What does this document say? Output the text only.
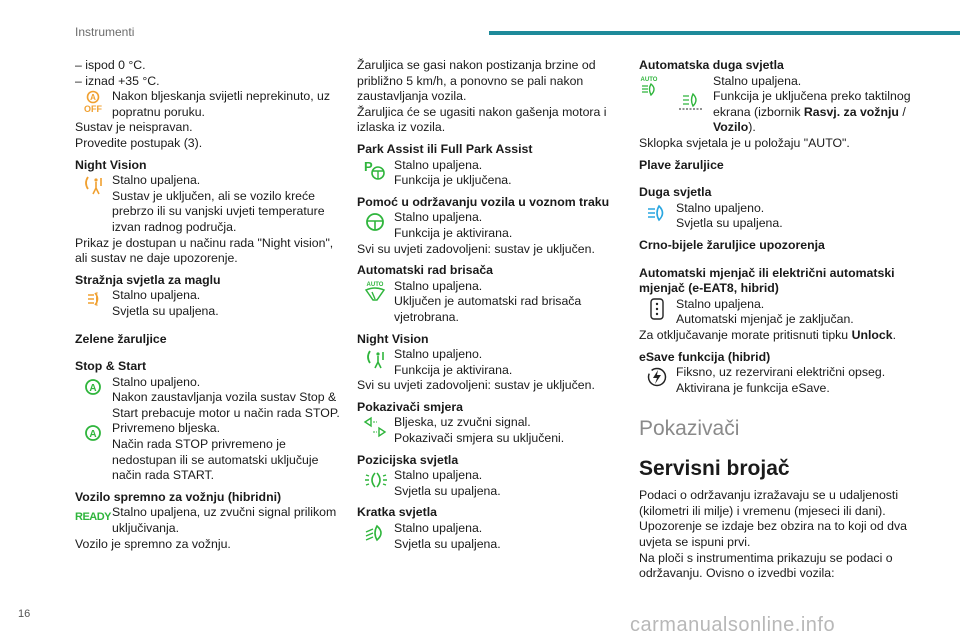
Instrumenti

– ispod 0 °C.

– iznad +35 °C.

A
OFF
Nakon bljeskanja svijetli neprekinuto, uz popratnu poruku.

Sustav je neispravan.

Provedite postupak (3).

Night Vision

Stalno upaljena.
Sustav je uključen, ali se vozilo kreće prebrzo ili su vanjski uvjeti temperature izvan radnog područja.

Prikaz je dostupan u načinu rada "Night vision", ali sustav ne daje upozorenje.

Stražnja svjetla za maglu

Stalno upaljena.
Svjetla su upaljena.

Zelene žaruljice

Stop & Start

A Stalno upaljeno.
Nakon zaustavljanja vozila sustav Stop & Start prebacuje motor u način rada STOP.
A Privremeno bljeska.
Način rada STOP privremeno je nedostupan ili se automatski uključuje način rada START.

Vozilo spremno za vožnju (hibridni)

READY Stalno upaljena, uz zvučni signal prilikom uključivanja.

Vozilo je spremno za vožnju.

Žaruljica se gasi nakon postizanja brzine od približno 5 km/h, a ponovno se pali nakon zaustavljanja vozila.

Žaruljica će se ugasiti nakon gašenja motora i izlaska iz vozila.

Park Assist ili Full Park Assist

P Stalno upaljena.
Funkcija je uključena.

Pomoć u održavanju vozila u voznom traku

Stalno upaljena.
Funkcija je aktivirana.

Svi su uvjeti zadovoljeni: sustav je uključen.

Automatski rad brisača

AUTO Stalno upaljena.
Uključen je automatski rad brisača vjetrobrana.

Night Vision

Stalno upaljeno.
Funkcija je aktivirana.

Svi su uvjeti zadovoljeni: sustav je uključen.

Pokazivači smjera

Bljeska, uz zvučni signal.
Pokazivači smjera su uključeni.

Pozicijska svjetla

Stalno upaljena.
Svjetla su upaljena.

Kratka svjetla

Stalno upaljena.
Svjetla su upaljena.

Automatska duga svjetla

AUTO	Stalno upaljena.
Funkcija je uključena preko taktilnog ekrana (izbornik Rasvj. za vožnju / Vozilo).

Sklopka svjetala je u položaju "AUTO".

Plave žaruljice

Duga svjetla

Stalno upaljeno.
Svjetla su upaljena.

Crno-bijele žaruljice upozorenja

Automatski mjenjač ili električni automatski mjenjač (e-EAT8, hibrid)

Stalno upaljena.
Automatski mjenjač je zaključan.

Za otključavanje morate pritisnuti tipku Unlock.

eSave funkcija (hibrid)

Fiksno, uz rezervirani električni opseg.
Aktivirana je funkcija eSave.

Pokazivači

Servisni brojač

Podaci o održavanju izražavaju se u udaljenosti (kilometri ili milje) i vremenu (mjeseci ili dani).

Upozorenje se izdaje bez obzira na to koji od dva uvjeta se ispuni prvi.

Na ploči s instrumentima prikazuju se podaci o održavanju. Ovisno o izvedbi vozila:

16	carmanualsonline.info
